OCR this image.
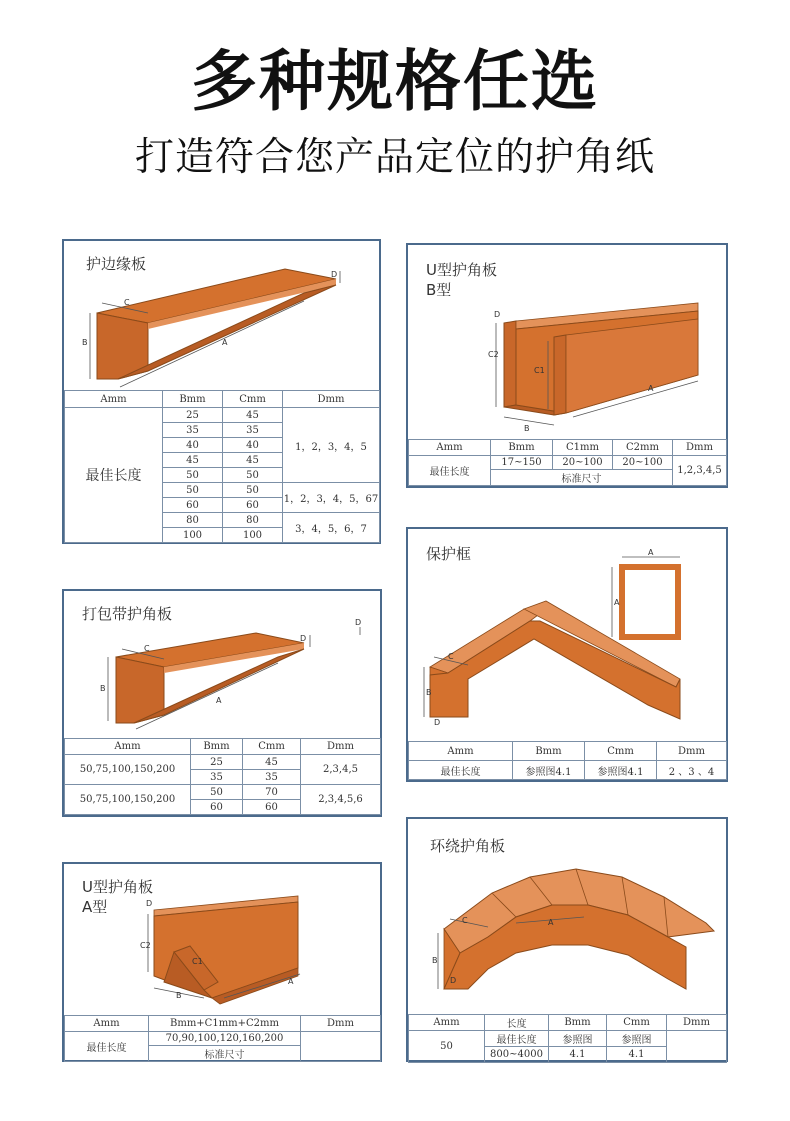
多种规格任选
打造符合您产品定位的护角纸
护边缘板
B
C
A
D
Amm	Bmm	Cmm	Dmm
最佳长度	25	45	1，2，3，4，5
	35	35	
	40	40	
	45	45	
	50	50	
	50	50	1，2，3，4，5，67
	60	60	
	80	80	3，4，5，6，7
	100	100	
U型护角板
B型
D
C2
C1
B
A
Amm	Bmm	C1mm	C2mm	Dmm
最佳长度	17~150	20~100	20~100	1,2,3,4,5
	标准尺寸			
保护框	A
A
C
B
D
Amm	Bmm	Cmm	Dmm
最佳长度	参照图4.1	参照图4.1	2 、3 、4
打包带护角板
B
C
A
D
D
Amm	Bmm	Cmm	Dmm
50,75,100,150,200	25	45	2,3,4,5
	35	35	
50,75,100,150,200	50	70	2,3,4,5,6
	60	60	
U型护角板
A型	D
C2
C1
B
A
Amm	Bmm+C1mm+C2mm	Dmm
最佳长度	70,90,100,120,160,200	
	标准尺寸	
环绕护角板
C	A
B
D
Amm	长度	Bmm	Cmm	Dmm
50	最佳长度	参照图	参照图	
	800~4000	4.1	4.1	
